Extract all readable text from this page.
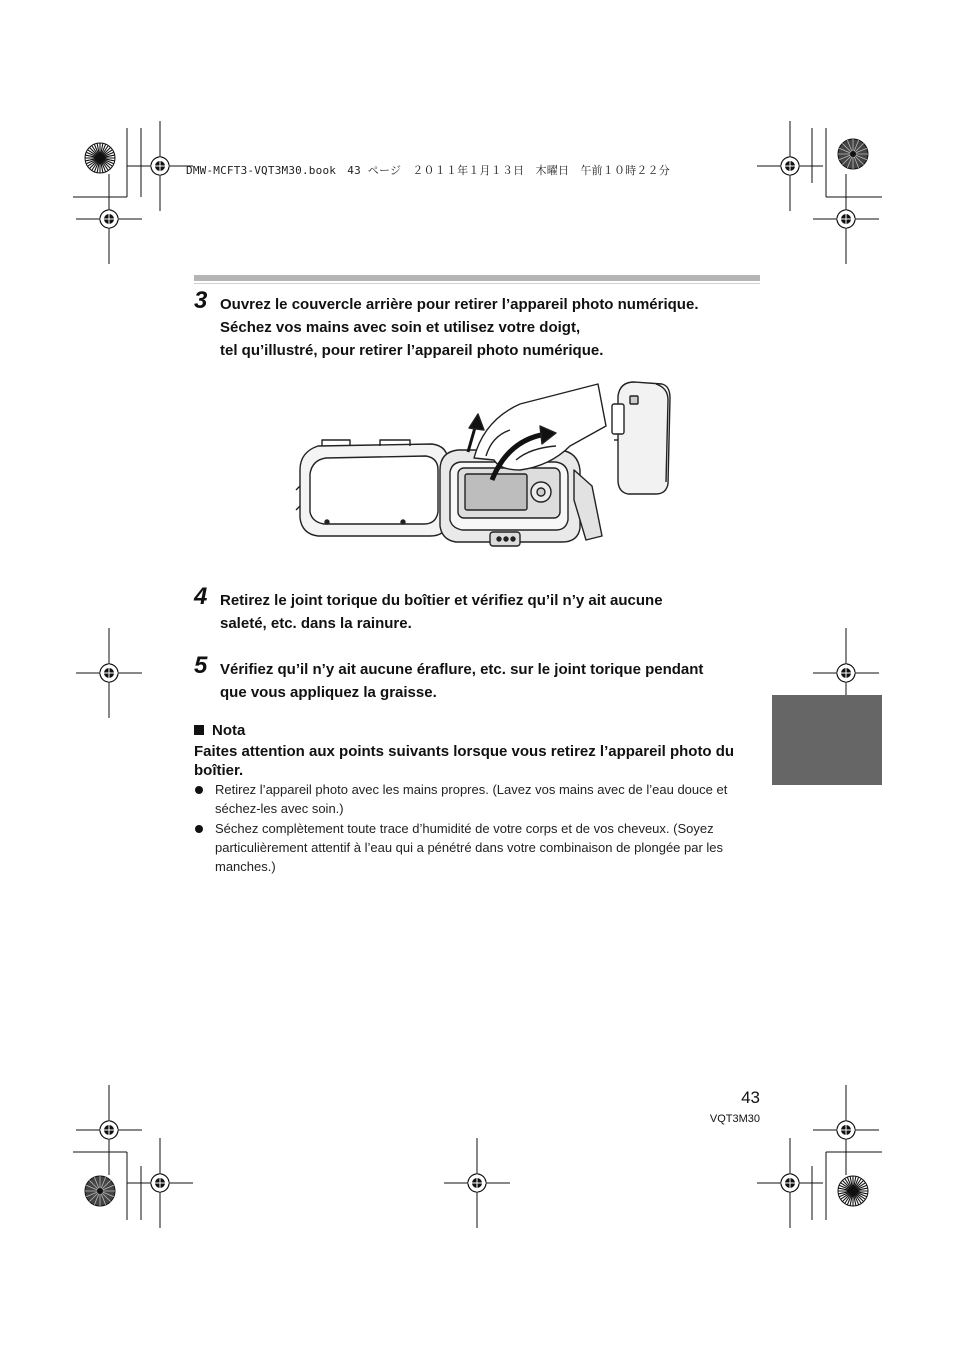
DMW-MCFT3-VQT3M30.book　43 ページ　２０１１年１月１３日　木曜日　午前１０時２２分
3 Ouvrez le couvercle arrière pour retirer l’appareil photo numérique.
Séchez vos mains avec soin et utilisez votre doigt,
tel qu’illustré, pour retirer l’appareil photo numérique.
4 Retirez le joint torique du boîtier et vérifiez qu’il n’y ait aucune
saleté, etc. dans la rainure.
5 Vérifiez qu’il n’y ait aucune éraflure, etc. sur le joint torique pendant
que vous appliquez la graisse.
Nota
Faites attention aux points suivants lorsque vous retirez l’appareil photo du boîtier.
Retirez l’appareil photo avec les mains propres. (Lavez vos mains avec de l’eau douce et séchez-les avec soin.)
Séchez complètement toute trace d’humidité de votre corps et de vos cheveux. (Soyez particulièrement attentif à l’eau qui a pénétré dans votre combinaison de plongée par les manches.)
43
VQT3M30
